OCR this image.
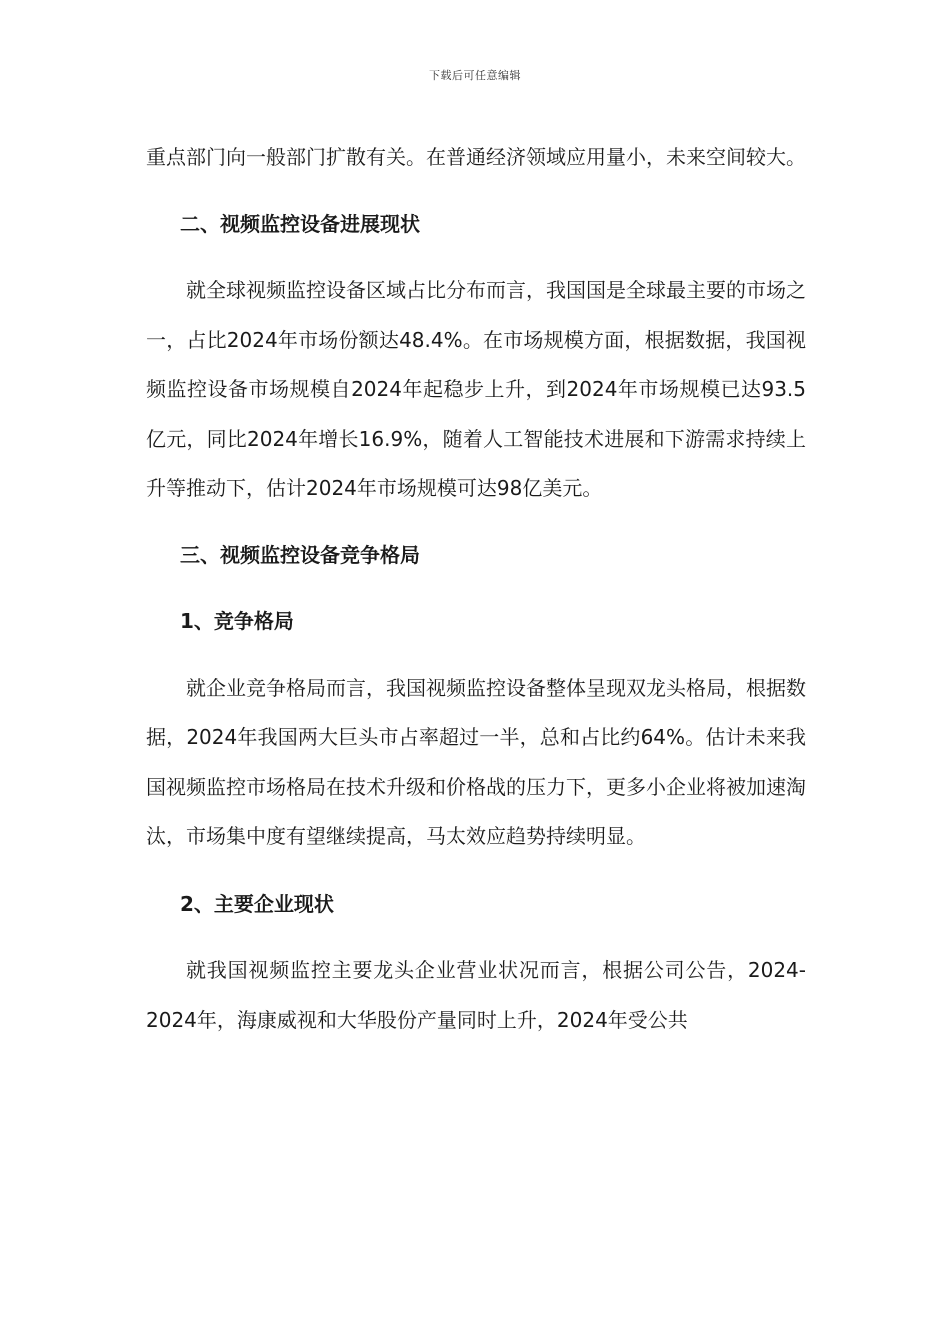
下载后可任意编辑

重点部门向一般部门扩散有关。在普通经济领域应用量小，未来空间较大。

二、视频监控设备进展现状

就全球视频监控设备区域占比分布而言，我国国是全球最主要的市场之一，占比2024年市场份额达48.4%。在市场规模方面，根据数据，我国视频监控设备市场规模自2024年起稳步上升，到2024年市场规模已达93.5亿元，同比2024年增长16.9%，随着人工智能技术进展和下游需求持续上升等推动下，估计2024年市场规模可达98亿美元。

三、视频监控设备竞争格局

1、竞争格局

就企业竞争格局而言，我国视频监控设备整体呈现双龙头格局，根据数据，2024年我国两大巨头市占率超过一半，总和占比约64%。估计未来我国视频监控市场格局在技术升级和价格战的压力下，更多小企业将被加速淘汰，市场集中度有望继续提高，马太效应趋势持续明显。

2、主要企业现状

就我国视频监控主要龙头企业营业状况而言，根据公司公告，2024-2024年，海康威视和大华股份产量同时上升，2024年受公共
